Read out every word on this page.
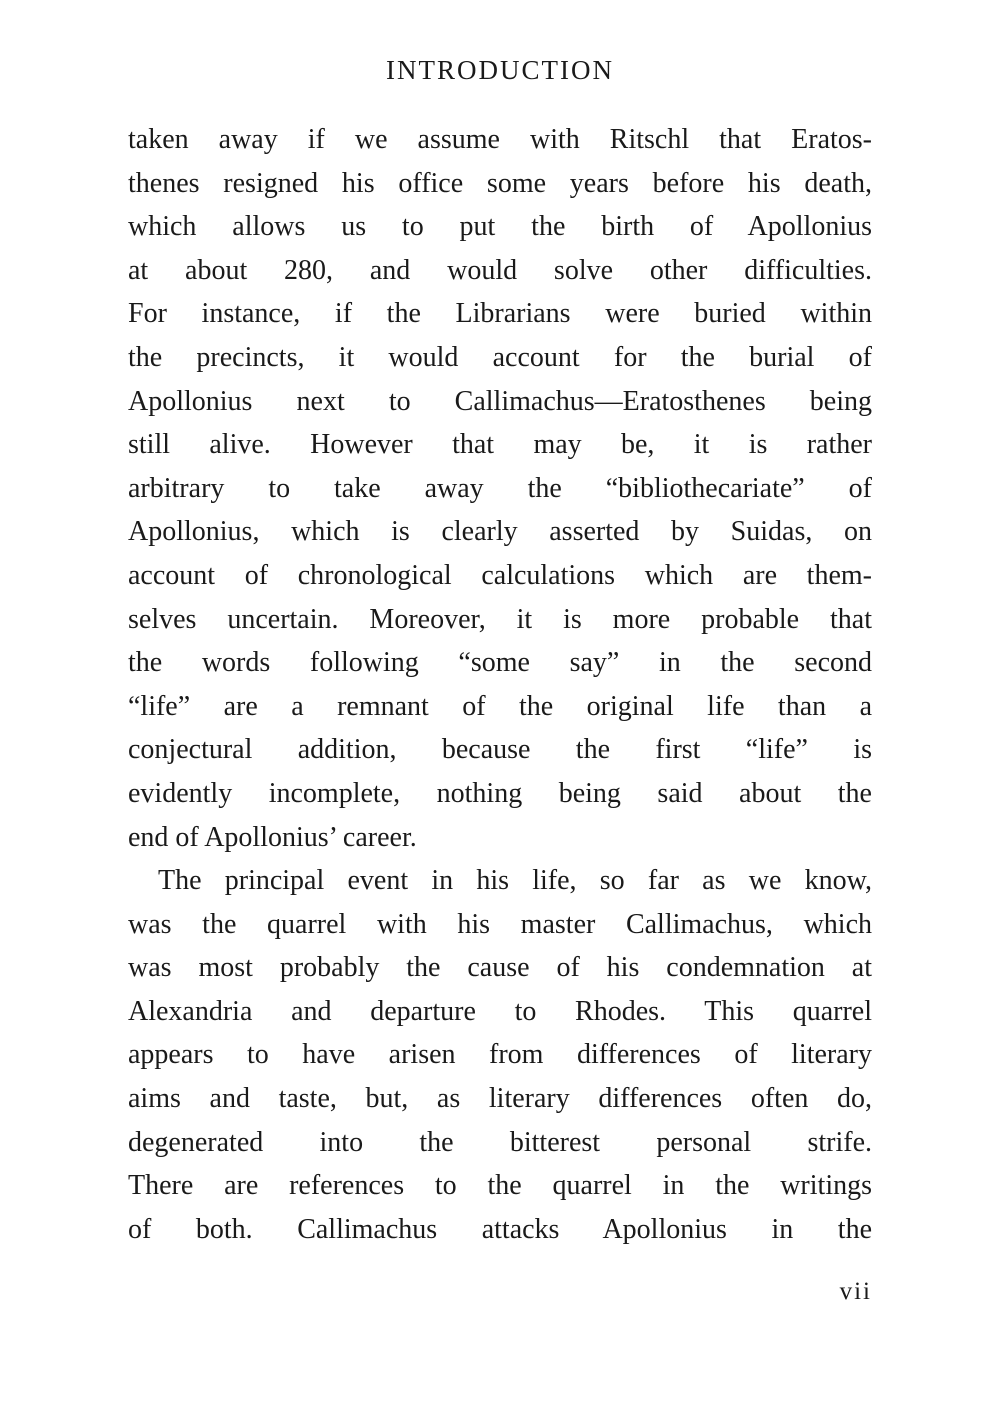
INTRODUCTION
taken away if we assume with Ritschl that Eratos-
thenes resigned his office some years before his death,
which allows us to put the birth of Apollonius
at about 280, and would solve other difficulties.
For instance, if the Librarians were buried within
the precincts, it would account for the burial of
Apollonius next to Callimachus—Eratosthenes being
still alive. However that may be, it is rather
arbitrary to take away the “bibliothecariate” of
Apollonius, which is clearly asserted by Suidas, on
account of chronological calculations which are them-
selves uncertain. Moreover, it is more probable that
the words following “some say” in the second
“life” are a remnant of the original life than a
conjectural addition, because the first “life” is
evidently incomplete, nothing being said about the
end of Apollonius’ career.
The principal event in his life, so far as we know,
was the quarrel with his master Callimachus, which
was most probably the cause of his condemnation at
Alexandria and departure to Rhodes. This quarrel
appears to have arisen from differences of literary
aims and taste, but, as literary differences often do,
degenerated into the bitterest personal strife.
There are references to the quarrel in the writings
of both. Callimachus attacks Apollonius in the
vii
